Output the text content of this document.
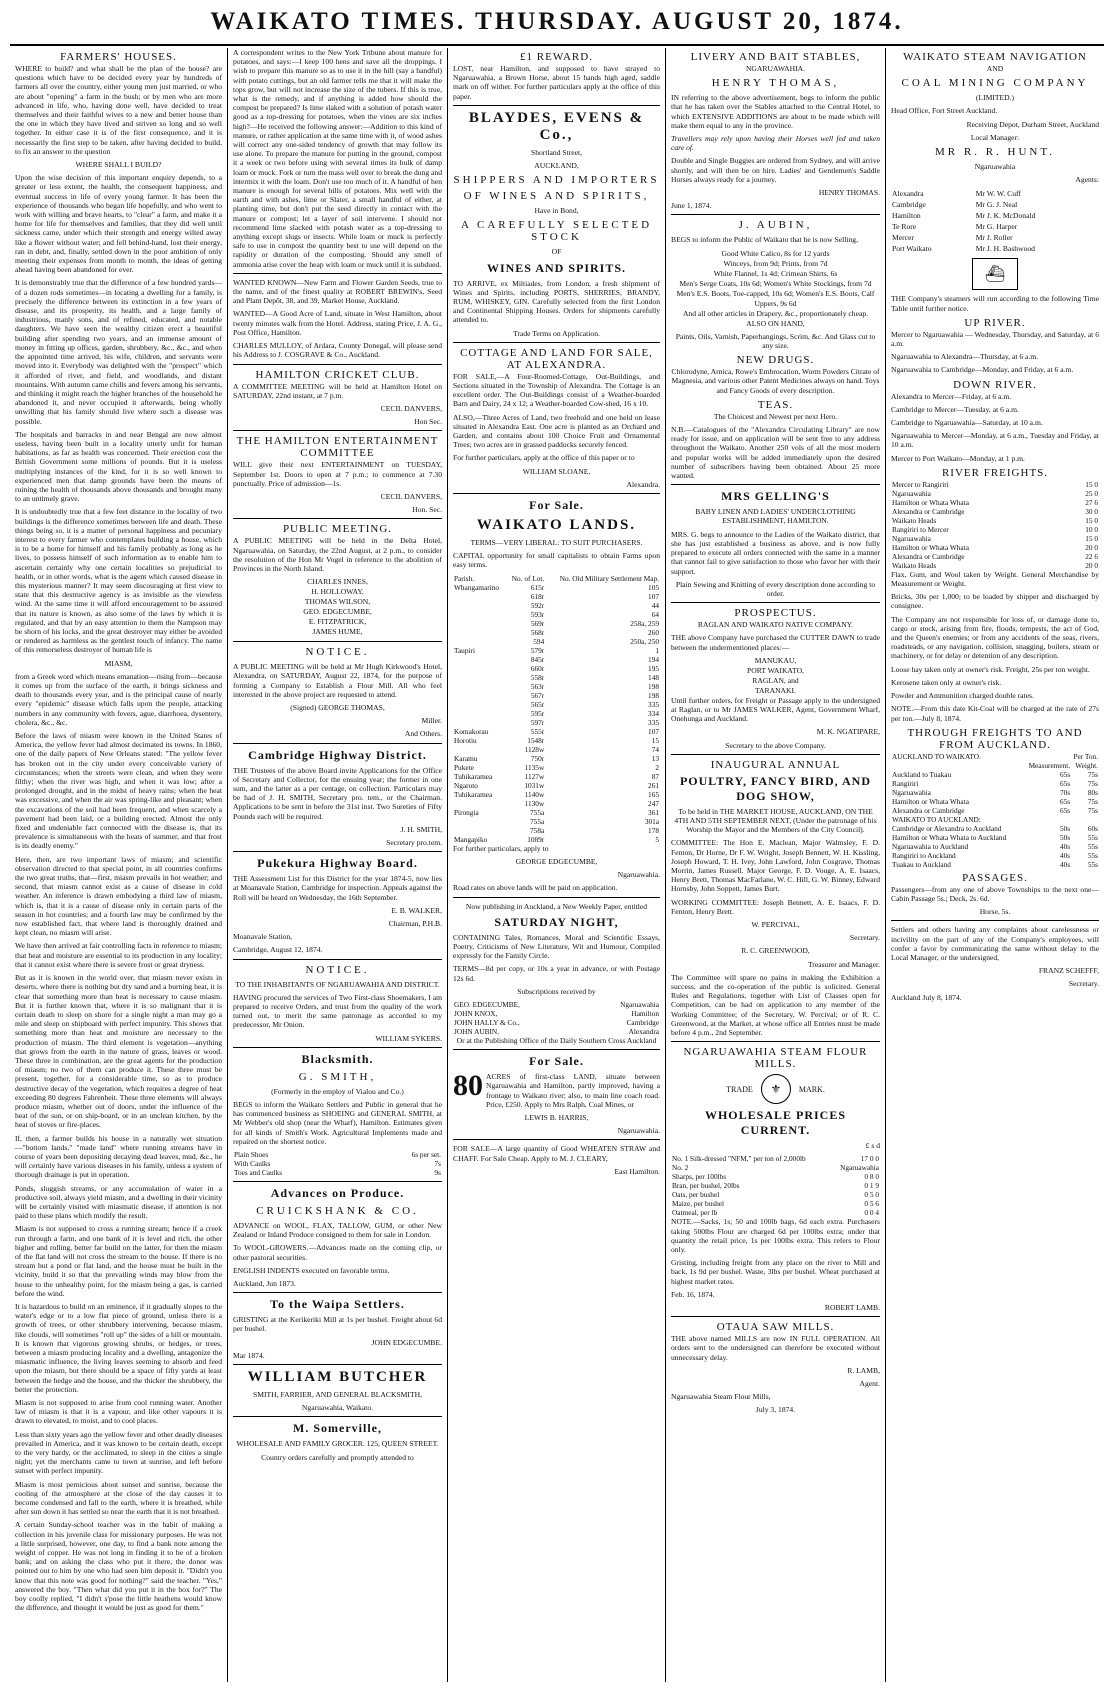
WAIKATO TIMES. THURSDAY. AUGUST 20, 1874.
FARMERS' HOUSES.

WHERE to build? and what shall be the plan of the house? are questions which have to be decided every year by hundreds of farmers all over the country, either young men just married, or who are about "opening" a farm in the bush; or by men who are more advanced in life, who, having done well, have decided to treat themselves and their faithful wives to a new and better house than the one in which they have lived and striven so long and so well together. In either case it is of the first consequence, and it is necessarily the first step to be taken, after having decided to build, to fix an answer to the question

WHERE SHALL I BUILD?

Upon the wise decision of this important enquiry depends, to a greater or less extent, the health, the consequent happiness, and eventual success in life of every young farmer. It has been the experience of thousands who began life hopefully, and who went to work with willing and brave hearts, to "clear" a farm, and make it a home for life for themselves and families, that they did well until sickness came, under which their strength and energy wilted away like a flower without water; and fell behind-hand, lost their energy, ran in debt, and, finally, settled down in the poor ambition of only meeting their expenses from month to month, the ideas of getting ahead having been abandoned for ever.

It is demonstrably true that the difference of a few hundred yards—of a dozen rods sometimes—in locating a dwelling for a family, is precisely the difference between its extinction in a few years of disease, and its prosperity, its health, and a large family of industrious, manly sons, and of refined, educated, and notable daughters. We have seen the wealthy citizen erect a beautiful building after spending two years, and an immense amount of money in fitting up offices, garden, shrubbery, &c., &c., and when the appointed time arrived, his wife, children, and servants were moved into it. Everybody was delighted with the "prospect" which it afforded of river, and field, and woodlands, and distant mountains. With autumn came chills and fevers among his servants, and thinking it might reach the higher branches of the household he abandoned it, and never occupied it afterwards, being wholly unwilling that his family should live where such a disease was possible.

The hospitals and barracks in and near Bengal are now almost useless, having been built in a locality utterly unfit for human habitations, as far as health was concerned. Their erection cost the British Government some millions of pounds. But it is useless multiplying instances of the kind, for it is so well known to experienced men that damp grounds have been the means of ruining the health of thousands above thousands and brought many to an untimely grave.

It is undoubtedly true that a few feet distance in the locality of two buildings is the difference sometimes between life and death. These things being so, it is a matter of personal happiness and pecuniary interest to every farmer who contemplates building a house, which is to be a home for himself and his family probably as long as he lives, to possess himself of such information as to enable him to ascertain certainly why one certain localities so prejudicial to health, or in other words, what is the agent which caused disease in this mysterious manner? It may seem discouraging at first view to state that this destructive agency is as invisible as the viewless wind. At the same time it will afford encouragement to be assured that its nature is known, as also some of the laws by which it is regulated, and that by an easy attention to them the Nampson may be shorn of his locks, and the great destroyer may either be avoided or rendered as harmless as the gentlest touch of infancy. The name of this remorseless destroyer of human life is

MIASM,

from a Greek word which means emanation—rising from—because it comes up from the surface of the earth, it brings sickness and death to thousands every year, and is the principal cause of nearly every "epidemic" disease which falls upon the people, attacking numbers in any community with fevers, ague, diarrhoea, dysentery, cholera, &c., &c.

Before the laws of miasm were known in the United States of America, the yellow fever had almost decimated its towns. In 1860, one of the daily papers of New Orleans stated: "The yellow fever has broken out in the city under every conceivable variety of circumstances; when the streets were clean, and when they were filthy; when the river was high, and when it was low; after a prolonged drought, and in the midst of heavy rains; when the heat was excessive, and when the air was spring-like and pleasant; when the excavations of the soil had been frequent, and when scarcely a pavement had been laid, or a building erected. Almost the only fixed and undeniable fact connected with the disease is, that its prevalence is simultaneous with the heats of summer, and that frost is its deadly enemy."

Here, then, are two important laws of miasm; and scientific observation directed to that special point, in all countries confirms the two great truths, that—first, miasm prevails in hot weather; and second, that miasm cannot exist as a cause of disease in cold weather. An inference is drawn embodying a third law of miasm, which is, that it is a cause of disease only in certain parts of the season in hot countries; and a fourth law may be confirmed by the now established fact, that where land is thoroughly drained and kept clean, no miasm will arise.

We have then arrived at fair controlling facts in reference to miasm; that heat and moisture are essential to its production in any locality; that it cannot exist where there is severe frost or great dryness.

But as it is known in the world over, that miasm never exists in deserts, where there is nothing but dry sand and a burning heat, it is clear that something more than heat is necessary to cause miasm. But it is further known that, where it is so malignant that it is certain death to sleep on shore for a single night a man may go a mile and sleep on shipboard with perfect impunity. This shows that something more than heat and moisture are necessary to the production of miasm. The third element is vegetation—anything that grows from the earth in the nature of grass, leaves or wood. These three in combination, are the great agents for the production of miasm; no two of them can produce it. These three must be present, together, for a considerable time, so as to produce destructive decay of the vegetation, which requires a degree of heat exceeding 80 degrees Fahrenheit. These three elements will always produce miasm, whether out of doors, under the influence of the heat of the sun, or on ship-board, or in an unclean kitchen, by the heat of stoves or fire-places.

If, then, a farmer builds his house in a naturally wet situation—"bottom lands," "made land" where running streams have in course of years been depositing decaying dead leaves, mud, &c., he will certainly have various diseases in his family, unless a system of thorough drainage is put in operation.

Ponds, sluggish streams, or any accumulation of water in a productive soil, always yield miasm, and a dwelling in their vicinity will be certainly visited with miasmatic disease, if attention is not paid to these plans which modify the result.

Miasm is not supposed to cross a running stream; hence if a creek run through a farm, and one bank of it is level and rich, the other higher and rolling, better far build on the latter, for then the miasm of the flat land will not cross the stream to the house. If there is no stream but a pond or flat land, and the house must be built in the vicinity, build it so that the prevailing winds may blow from the house to the unhealthy point, for the miasm being a gas, is carried before the wind.

It is hazardous to build on an eminence, if it gradually slopes to the water's edge or to a low flat piece of ground, unless there is a growth of trees, or other shrubbery intervening, because miasm, like clouds, will sometimes "roll up" the sides of a hill or mountain. It is known that vigorous growing shrubs, or hedges, or trees, between a miasm producing locality and a dwelling, antagonize the miasmatic influence, the living leaves seeming to absorb and feed upon the miasm, but there should be a space of fifty yards at least between the hedge and the house, and the thicker the shrubbery, the better the protection.

Miasm is not supposed to arise from cool running water. Another law of miasm is that it is a vapour, and like other vapours it is drawn to elevated, to moist, and to cool places.

Less than sixty years ago the yellow fever and other deadly diseases prevailed in America, and it was known to be certain death, except to the very hardy, or the acclimated, to sleep in the cities a single night; yet the merchants came to town at sunrise, and left before sunset with perfect impunity.

Miasm is most pernicious about sunset and sunrise, because the cooling of the atmosphere at the close of the day causes it to become condensed and fall to the earth, where it is breathed, while after sun down it has settled so near the earth that it is not breathed.

A certain Sunday-school teacher was in the habit of making a collection in his juvenile class for missionary purposes. He was not a little surprised, however, one day, to find a bank note among the weight of copper. He was not long in finding it to be of a broken bank; and on asking the class who put it there, the donor was pointed out to him by one who had seen him deposit it. "Didn't you know that this note was good for nothing?" said the teacher. "Yes," answered the boy. "Then what did you put it in the box for?" The boy coolly replied, "I didn't s'pose the little heathens would know the difference, and thought it would be just as good for them."

A correspondent writes to the New York Tribune about manure for potatoes, and says:—I keep 100 hens and save all the droppings. I wish to prepare this manure so as to use it in the hill (say a handful) with potato cuttings, but an old farmer tells me that it will make the tops grow, but will not increase the size of the tubers. If this is true, what is the remedy, and if anything is added how should the compost be prepared? Is lime slaked with a solution of potash water good as a top-dressing for potatoes, when the vines are six inches high?—He received the following answer:—Addition to this kind of manure, or rather application at the same time with it, of wood ashes will correct any one-sided tendency of growth that may follow its use alone. To prepare the manure for putting in the ground, compost it a week or two before using with several times its bulk of damp loam or muck. Fork or turn the mass well over to break the dung and intermix it with the loam. Don't use too much of it. A handful of hen manure is enough for several hills of potatoes. Mix well with the earth and with ashes, lime or Slater, a small handful of either, at planting time, but don't put the seed directly in contact with the manure or compost; let a layer of soil intervene. I should not recommend lime slacked with potash water as a top-dressing to anything except slugs or insects. While loam or muck is perfectly safe to use in compost the quantity best to use will depend on the rapidity or duration of the composting. Should any smell of ammonia arise cover the heap with loam or muck until it is subdued.

WANTED KNOWN—New Farm and Flower Garden Seeds, true to the name, and of the finest quality at ROBERT BREWIN's, Seed and Plant Depôt, 38, and 39, Market House, Auckland.

WANTED—A Good Acre of Land, situate in West Hamilton, about twenty minutes walk from the Hotel. Address, stating Price, J. A. G., Post Office, Hamilton.

CHARLES MULLOY, of Ardara, County Donegal, will please send his Address to J. COSGRAVE & Co., Auckland.

HAMILTON CRICKET CLUB.

A COMMITTEE MEETING will be held at Hamilton Hotel on SATURDAY, 22nd instant, at 7 p.m.

CECIL DANVERS,

Hon Sec.

THE HAMILTON ENTERTAINMENT COMMITTEE

WILL give their next ENTERTAINMENT on TUESDAY, September 1st. Doors to open at 7 p.m.; to commence at 7.30 punctually. Price of admission—1s.

CECIL DANVERS,

Hon. Sec.

PUBLIC MEETING.

A PUBLIC MEETING will be held in the Delta Hotel, Ngaruawahia, on Saturday, the 22nd August, at 2 p.m., to consider the resolution of the Hon Mr Vogel in reference to the abolition of Provinces in the North Island.

CHARLES INNES,
H. HOLLOWAY,
THOMAS WILSON,
GEO. EDGECUMBE,
E. FITZPATRICK,
JAMES HUME,
NOTICE.

A PUBLIC MEETING will be held at Mr Hugh Kirkwood's Hotel, Alexandra, on SATURDAY, August 22, 1874, for the purpose of forming a Company to Establish a Flour Mill. All who feel interested in the above project are requested to attend.

(Signed) GEORGE THOMAS,

Miller.

And Others.

Cambridge Highway District.

THE Trustees of the above Board invite Applications for the Office of Secretary and Collector, for the ensuing year; the former in one sum, and the latter as a per centage, on collection. Particulars may be had of J. H. SMITH, Secretary pro. tem., or the Chairman. Applications to be sent in before the 31st inst. Two Sureties of Fifty Pounds each will be required.

J. H. SMITH,

Secretary pro.tem.

Pukekura Highway Board.

THE Assessment List for this District for the year 1874-5, now lies at Moanavale Station, Cambridge for inspection. Appeals against the Roll will be heard on Wednesday, the 16th September.

E. B. WALKER,

Chairman, P.H.B.

Moanavale Station,

Cambridge, August 12, 1874.

NOTICE.

TO THE INHABITANTS OF NGARUAWAHIA AND DISTRICT.

HAVING procured the services of Two First-class Shoemakers, I am prepared to receive Orders, and trust from the quality of the work turned out, to merit the same patronage as accorded to my predecessor, Mr Onion.

WILLIAM SYKERS.

Blacksmith.
G. SMITH,

(Formerly in the employ of Vialou and Co.)

BEGS to inform the Waikato Settlers and Public in general that he has commenced business as SHOEING and GENERAL SMITH, at Mr Webber's old shop (near the Wharf), Hamilton. Estimates given for all kinds of Smith's Work. Agricultural Implements made and repaired on the shortest notice.

Plain Shoes	6s per set.
With Caulks	7s
Toes and Caulks	9s
Advances on Produce.
CRUICKSHANK & CO.

ADVANCE on WOOL, FLAX, TALLOW, GUM, or other New Zealand or Inland Produce consigned to them for sale in London.

To WOOL-GROWERS.—Advances made on the coming clip, or other pastoral securities.

ENGLISH INDENTS executed on favorable terms.

Auckland, Jun 1873.

To the Waipa Settlers.

GRISTING at the Kerikeriki Mill at 1s per bushel. Freight about 6d per bushel.

JOHN EDGECUMBE.

Mar 1874.

WILLIAM BUTCHER

SMITH, FARRIER, AND GENERAL BLACKSMITH,

Ngaruawahia, Waikato.

M. Somerville,

WHOLESALE AND FAMILY GROCER. 125, QUEEN STREET.

Country orders carefully and promptly attended to

£1 REWARD.

LOST, near Hamilton, and supposed to have strayed to Ngaruawahia, a Brown Horse, about 15 hands high aged, saddle mark on off wither. For further particulars apply at the office of this paper.

BLAYDES, EVENS & Co.,

Shortland Street,

AUCKLAND,

SHIPPERS AND IMPORTERS
OF WINES AND SPIRITS,

Have in Bond,

A CAREFULLY SELECTED STOCK

OF

WINES AND SPIRITS.

TO ARRIVE, ex Miltiades, from London, a fresh shipment of Wines and Spirits, including PORTS, SHERRIES, BRANDY, RUM, WHISKEY, GIN. Carefully selected from the first London and Continental Shipping Houses. Orders for shipments carefully attended to.

Trade Terms on Application.

COTTAGE AND LAND FOR SALE, AT ALEXANDRA.

FOR SALE,—A Four-Roomed-Cottage, Out-Buildings, and Sections situated in the Township of Alexandra. The Cottage is an excellent order. The Out-Buildings consist of a Weather-boarded Barn and Dairy, 24 x 12; a Weather-boarded Cow-shed, 16 x 10.

ALSO,—Three Acres of Land, two freehold and one held on lease situated in Alexandra East. One acre is planted as an Orchard and Garden, and contains about 100 Choice Fruit and Ornamental Trees; two acres are in grassed paddocks securely fenced.

For further particulars, apply at the office of this paper or to

WILLIAM SLOANE,

Alexandra.

For Sale.
WAIKATO LANDS.

TERMS—VERY LIBERAL: TO SUIT PURCHASERS.

CAPITAL opportunity for small capitalists to obtain Farms upon easy terms.

Parish.	No. of Lot.	No. Old Military Settlement Map.
Whangamarino	615r	105
	618r	107
	592r	44
	593r	64
	569r	258a, 259
	568r	260
	594	250a, 250
Taupiri	579r	1
	845r	194
	660r	195
	558r	148
	563r	198
	567r	198
	565r	335
	595r	334
	597r	335
Komakorau	555r	107
Horotiu	1548r	15
	1128w	74
Karamu	750r	13
Pukete	1135w	2
Tuhikaramea	1127w	87
Ngaroto	1031w	261
Tuhikaramea	1140w	165
	1130w	247
Pirongia	755a	361
	755a	301a
	758a	178
Mangapiko	1089r	5

For further particulars, apply to

GEORGE EDGECUMBE,

Ngaruawahia.

Road rates on above lands will be paid on application.

Now publishing in Auckland, a New Weekly Paper, entitled

SATURDAY NIGHT,

CONTAINING Tales, Romances, Moral and Scientific Essays, Poetry, Criticisms of New Literature, Wit and Humour, Compiled expressly for the Family Circle.

TERMS—8d per copy, or 10s a year in advance, or with Postage 12s 6d.

Subscriptions received by

GEO. EDGECUMBE,	Ngaruawahia
JOHN KNOX,	Hamilton
JOHN HALLY & Co.,	Cambridge
JOHN AUBIN,	Alexandra

Or at the Publishing Office of the Daily Southern Cross Auckland

For Sale.

80 ACRES of first-class LAND, situate between Ngaruawahia and Hamilton, partly improved, having a frontage to Waikato river; also, to main line coach road. Price, £250. Apply to Mrs Ralph, Coal Mines, or

LEWIS B. HARRIS,

Ngaruawahia.

FOR SALE—A large quantity of Good WHEATEN STRAW and CHAFF. For Sale Cheap. Apply to M. J. CLEARY,

East Hamilton.

LIVERY AND BAIT STABLES,

NGARUAWAHIA.

HENRY THOMAS,

IN referring to the above advertisement, begs to inform the public that he has taken over the Stables attached to the Central Hotel, to which EXTENSIVE ADDITIONS are about to be made which will make them equal to any in the province.

Travellers may rely upon having their Horses well fed and taken care of.

Double and Single Buggies are ordered from Sydney, and will arrive shortly, and will then be on hire. Ladies' and Gentlemen's Saddle Horses always ready for a journey.

HENRY THOMAS.

June 1, 1874.

J. AUBIN,

BEGS to inform the Public of Waikato that he is now Selling,

Good White Calico, 8s for 12 yards
Winceys, from 9d; Prints, from 7d
White Flannel, 1s 4d; Crimean Shirts, 6s
Men's Serge Coats, 10s 6d; Women's White Stockings, from 7d
Men's E.S. Boots, Toe-capped, 10s 6d; Women's E.S. Boots, Calf Uppers, 9s 6d
And all other articles in Drapery, &c., proportionately cheap.

ALSO ON HAND,

Paints, Oils, Varnish, Paperhangings, Scrim, &c. And Glass cut to any size.

NEW DRUGS.

Chlorodyne, Arnica, Rowe's Embrocation, Worm Powders Citrate of Magnesia, and various other Patent Medicines always on hand. Toys and Fancy Goods of every description.

TEAS.

The Choicest and Newest per next Hero.

N.B.—Catalogues of the "Alexandra Circulating Library" are now ready for issue, and on application will be sent free to any address throughout the Waikato. Another 250 vols of all the most modern and popular works will be added immediately upon the desired number of subscribers having been obtained. About 25 more wanted.

MRS GELLING'S

BABY LINEN AND LADIES' UNDERCLOTHING ESTABLISHMENT, HAMILTON.

MRS. G. begs to announce to the Ladies of the Waikato district, that she has just established a business as above, and is now fully prepared to execute all orders connected with the same in a manner that cannot fail to give satisfaction to those who favor her with their support.

Plain Sewing and Knitting of every description done according to order.

PROSPECTUS.

RAGLAN AND WAIKATO NATIVE COMPANY.

THE above Company have purchased the CUTTER DAWN to trade between the undermentioned places:—

MANUKAU,
PORT WAIKATO,
RAGLAN, and
TARANAKI.

Until further orders, for Freight or Passage apply to the undersigned at Raglan, or to Mr JAMES WALKER, Agent, Government Wharf, Onehunga and Auckland.

M. K. NGATIPARE,

Secretary to the above Company.

INAUGURAL ANNUAL
POULTRY, FANCY BIRD, AND DOG SHOW,

To be held in THE MARKET HOUSE, AUCKLAND, ON THE 4TH AND 5TH SEPTEMBER NEXT, (Under the patronage of his Worship the Mayor and the Members of the City Council).

COMMITTEE: The Hon E. Maclean, Major Walmsley, F. D. Fenton, Dr Horne, Dr F. W. Wright, Joseph Bennett, W. H. Kissling, Joseph Howard, T. H. Ivey, John Lawford, John Cosgrave, Thomas Morrin, James Russell. Major George, F. D. Vouge, A. E. Isaacs, Henry Brett, Thomas MacFarlane, W. C. Hill, G. W. Binney, Edward Hornsby, John Soppett, James Burt.

WORKING COMMITTEE: Joseph Bennett, A. E. Isaacs, F. D. Fenton, Henry Brett.

W. PERCIVAL,

Secretary.

R. C. GREENWOOD,

Treasurer and Manager.

The Committee will spare no pains in making the Exhibition a success, and the co-operation of the public is solicited. General Rules and Regulations, together with List of Classes open for Competition, can be had on application to any member of the Working Committee; of the Secretary, W. Percival; or of R. C. Greenwood, at the Market, at whose office all Entries must be made before 4 p.m., 2nd September.

NGARUAWAHIA STEAM FLOUR MILLS.
TRADE	⚜	MARK.
WHOLESALE PRICES CURRENT.

£ s d

No. 1 Silk-dressed "NFM," per ton of 2,000lb	17 0 0
No. 2	Ngaruawahia
Sharps, per 100lbs	0 8 0
Bran, per bushel, 20lbs	0 1 9
Oats, per bushel	0 5 0
Maize, per bushel	0 5 6
Oatmeal, per lb	0 0 4

NOTE.—Sacks, 1s; 50 and 100lb bags, 6d each extra. Purchasers taking 500lbs Flour are charged 6d per 100lbs extra; under that quantity the retail price, 1s per 100lbs extra. This refers to Flour only.

Gristing, including freight from any place on the river to Mill and back, 1s 9d per bushel. Waste, 3lbs per bushel. Wheat purchased at highest market rates.

Feb. 16, 1874.

ROBERT LAMB.

OTAUA SAW MILLS.

THE above named MILLS are now IN FULL OPERATION. All orders sent to the undersigned can therefore be executed without unnecessary delay.

R. LAMB,

Agent.

Ngaruawahia Steam Flour Mills,

July 3, 1874.

WAIKATO STEAM NAVIGATION

AND

COAL MINING COMPANY

(LIMITED.)

Head Office, Fort Street Auckland.

Receiving Depot, Durham Street, Auckland

Local Manager:

MR R. R. HUNT.

Ngaruawahia

Agents:

Alexandra	Mr W. W. Cuff
Cambridge	Mr G. J. Neal
Hamilton	Mr J. K. McDonald
Te Rore	Mr G. Harper
Mercer	Mr J. Roller
Port Waikato	Mr J. H. Bashwood
⛴

THE Company's steamers will run according to the following Time Table until further notice.

UP RIVER.

Mercer to Ngaruawahia — Wednesday, Thursday, and Saturday, at 6 a.m.

Ngaruawahia to Alexandra—Thursday, at 6 a.m.

Ngaruawahia to Cambridge—Monday, and Friday, at 6 a.m.

DOWN RIVER.

Alexandra to Mercer—Friday, at 6 a.m.

Cambridge to Mercer—Tuesday, at 6 a.m.

Cambridge to Ngaruawahia—Saturday, at 10 a.m.

Ngaruawahia to Mercer—Monday, at 6 a.m., Tuesday and Friday, at 10 a.m.

Mercer to Port Waikato—Monday, at 1 p.m.

RIVER FREIGHTS.
Mercer to Rangiriri	15 0
Ngaruawahia	25 0
Hamilton or Whata Whata	27 6
Alexandra or Cambridge	30 0
Waikato Heads	15 0
Rangiriri to Mercer	10 0
Ngaruawahia	15 0
Hamilton or Whata Whata	20 0
Alexandra or Cambridge	22 6
Waikato Heads	20 0

Flax, Gum, and Wool taken by Weight. General Merchandise by Measurement or Weight.

Bricks, 30s per 1,000; to be loaded by shipper and discharged by consignee.

The Company are not responsible for loss of, or damage done to, cargo or stock, arising from fire, floods, tempests, the act of God, and the Queen's enemies; or from any accidents of the seas, rivers, roadsteads, or any navigation, collision, snagging, boilers, steam or machinery, or for delay or detention of any description.

Loose hay taken only at owner's risk. Freight, 25s per ton weight.

Kerosene taken only at owner's risk.

Powder and Ammunition charged double rates.

NOTE.—From this date Kit-Coal will be charged at the rate of 27s per ton.—July 8, 1874.

THROUGH FREIGHTS TO AND FROM AUCKLAND.
AUCKLAND TO WAIKATO.	Per Ton.	
	Measurement.	Weight.
Auckland to Tuakau	65s	75s
Rangiriri	65s	75s
Ngaruawahia	70s	80s
Hamilton or Whata Whata	65s	75s
Alexandra or Cambridge	65s	75s
WAIKATO TO AUCKLAND:		
Cambridge or Alexandra to Auckland	50s	60s
Hamilton or Whata Whata to Auckland	50s	55s
Ngaruawahia to Auckland	40s	55s
Rangiriri to Auckland	40s	55s
Tuakau to Auckland	40s	55s
PASSAGES.

Passengers—from any one of above Townships to the next one—Cabin Passage 5s.; Deck, 2s. 6d.

Horse, 5s.

Settlers and others having any complaints about carelessness or incivility on the part of any of the Company's employees, will confer a favor by communicating the same without delay to the Local Manager, or the undersigned,

FRANZ SCHEFFF,

Secretary.

Auckland July 8, 1874.
